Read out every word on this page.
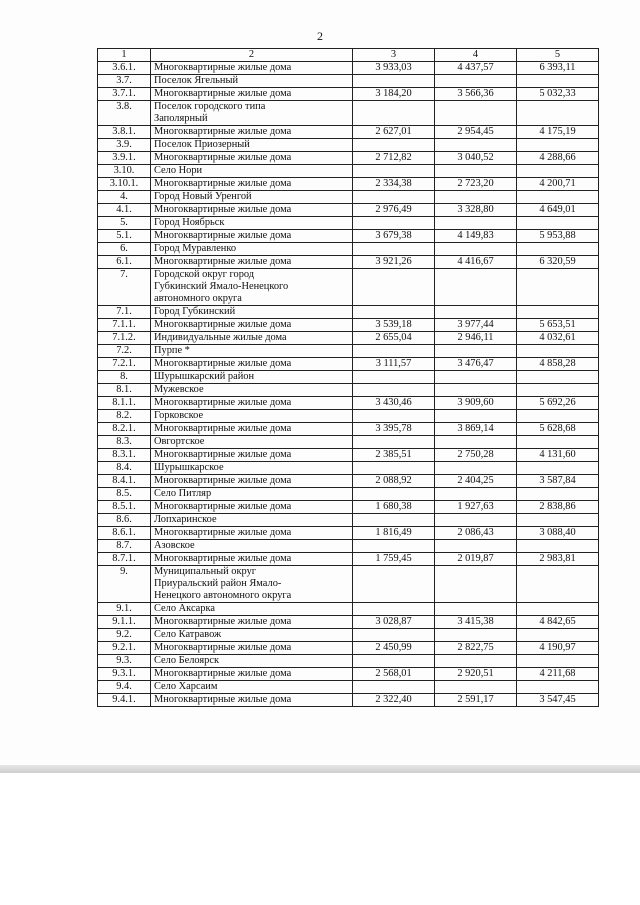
2
1	2	3	4	5
3.6.1.	Многоквартирные жилые дома	3 933,03	4 437,57	6 393,11
3.7.	Поселок Ягельный			
3.7.1.	Многоквартирные жилые дома	3 184,20	3 566,36	5 032,33
3.8.	Поселок городского типа
Заполярный			
3.8.1.	Многоквартирные жилые дома	2 627,01	2 954,45	4 175,19
3.9.	Поселок Приозерный			
3.9.1.	Многоквартирные жилые дома	2 712,82	3 040,52	4 288,66
3.10.	Село Нори			
3.10.1.	Многоквартирные жилые дома	2 334,38	2 723,20	4 200,71
4.	Город Новый Уренгой			
4.1.	Многоквартирные жилые дома	2 976,49	3 328,80	4 649,01
5.	Город Ноябрьск			
5.1.	Многоквартирные жилые дома	3 679,38	4 149,83	5 953,88
6.	Город Муравленко			
6.1.	Многоквартирные жилые дома	3 921,26	4 416,67	6 320,59
7.	Городской округ город
Губкинский Ямало-Ненецкого
автономного округа			
7.1.	Город Губкинский			
7.1.1.	Многоквартирные жилые дома	3 539,18	3 977,44	5 653,51
7.1.2.	Индивидуальные жилые дома	2 655,04	2 946,11	4 032,61
7.2.	Пурпе *			
7.2.1.	Многоквартирные жилые дома	3 111,57	3 476,47	4 858,28
8.	Шурышкарский район			
8.1.	Мужевское			
8.1.1.	Многоквартирные жилые дома	3 430,46	3 909,60	5 692,26
8.2.	Горковское			
8.2.1.	Многоквартирные жилые дома	3 395,78	3 869,14	5 628,68
8.3.	Овгортское			
8.3.1.	Многоквартирные жилые дома	2 385,51	2 750,28	4 131,60
8.4.	Шурышкарское			
8.4.1.	Многоквартирные жилые дома	2 088,92	2 404,25	3 587,84
8.5.	Село Питляр			
8.5.1.	Многоквартирные жилые дома	1 680,38	1 927,63	2 838,86
8.6.	Лопхаринское			
8.6.1.	Многоквартирные жилые дома	1 816,49	2 086,43	3 088,40
8.7.	Азовское			
8.7.1.	Многоквартирные жилые дома	1 759,45	2 019,87	2 983,81
9.	Муниципальный округ
Приуральский район Ямало-
Ненецкого автономного округа			
9.1.	Село Аксарка			
9.1.1.	Многоквартирные жилые дома	3 028,87	3 415,38	4 842,65
9.2.	Село Катравож			
9.2.1.	Многоквартирные жилые дома	2 450,99	2 822,75	4 190,97
9.3.	Село Белоярск			
9.3.1.	Многоквартирные жилые дома	2 568,01	2 920,51	4 211,68
9.4.	Село Харсаим			
9.4.1.	Многоквартирные жилые дома	2 322,40	2 591,17	3 547,45
